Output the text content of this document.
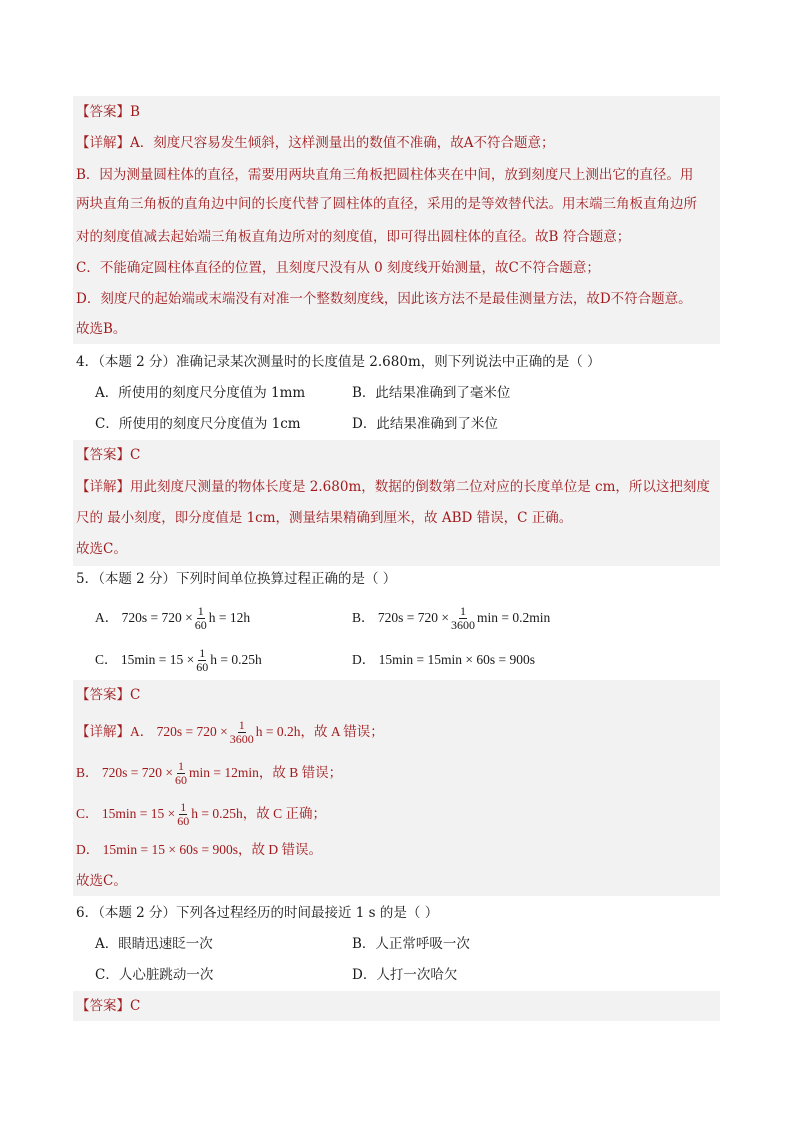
【答案】B
【详解】A．刻度尺容易发生倾斜，这样测量出的数值不准确，故A不符合题意；
B．因为测量圆柱体的直径，需要用两块直角三角板把圆柱体夹在中间，放到刻度尺上测出它的直径。用
两块直角三角板的直角边中间的长度代替了圆柱体的直径，采用的是等效替代法。用末端三角板直角边所
对的刻度值减去起始端三角板直角边所对的刻度值，即可得出圆柱体的直径。故B 符合题意；
C．不能确定圆柱体直径的位置，且刻度尺没有从 0 刻度线开始测量，故C不符合题意；
D．刻度尺的起始端或末端没有对准一个整数刻度线，因此该方法不是最佳测量方法，故D不符合题意。
故选B。
4．（本题 2 分）准确记录某次测量时的长度值是 2.680m，则下列说法中正确的是（ ）
A．所使用的刻度尺分度值为 1mm	B．此结果准确到了毫米位
C．所使用的刻度尺分度值为 1cm	D．此结果准确到了米位
【答案】C
【详解】用此刻度尺测量的物体长度是 2.680m，数据的倒数第二位对应的长度单位是 cm，所以这把刻度
尺的 最小刻度，即分度值是 1cm，测量结果精确到厘米，故 ABD 错误，C 正确。
故选C。
5．（本题 2 分）下列时间单位换算过程正确的是（ ）
A． $720s = 720 \times \frac{1}{60}$ h = 12h	B． $720s = 720 \times \frac{1}{3600}$ min = 0.2min
C． $15\min = 15 \times \frac{1}{60}$ h = 0.25h	D． 15min = 15min × 60s = 900s
【答案】C
【详解】A． $720s = 720 \times \frac{1}{3600}$ h = 0.2h，故 A 错误；
B． $720s = 720 \times \frac{1}{60}$ min = 12min，故 B 错误；
C． $15\min = 15 \times \frac{1}{60}$ h = 0.25h，故 C 正确；
D． 15min = 15 × 60s = 900s，故 D 错误。
故选C。
6．（本题 2 分）下列各过程经历的时间最接近 1 s 的是（ ）
A．眼睛迅速眨一次	B．人正常呼吸一次
C．人心脏跳动一次	D．人打一次哈欠
【答案】C
